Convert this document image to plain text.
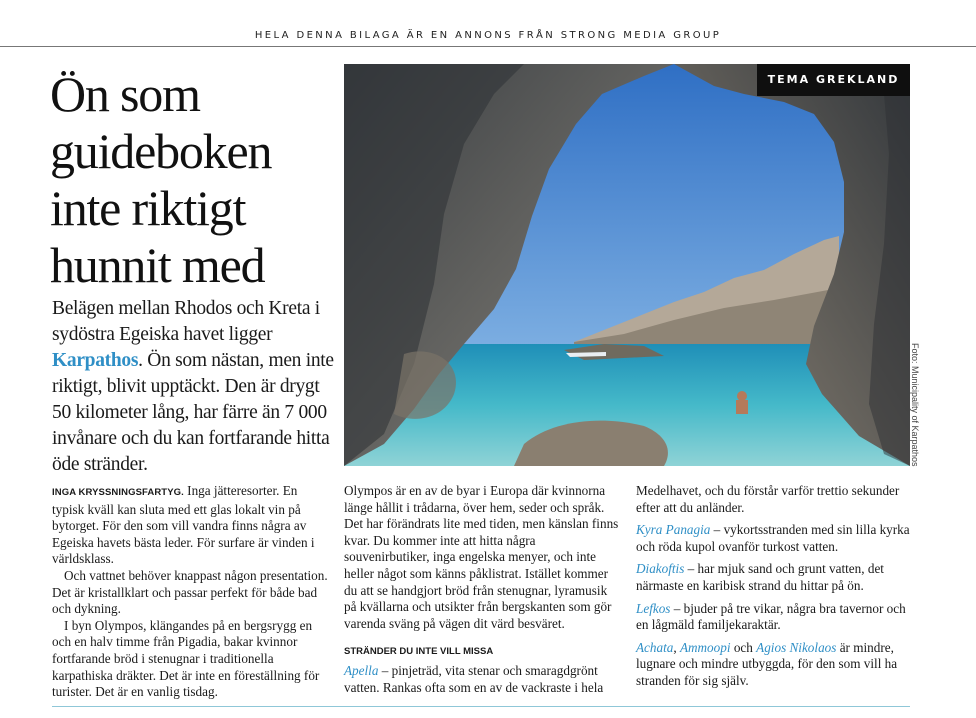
HELA DENNA BILAGA ÄR EN ANNONS FRÅN STRONG MEDIA GROUP
Ön som
guideboken
inte riktigt
hunnit med

Belägen mellan Rhodos och Kreta i sydöstra Egeiska havet ligger Karpathos. Ön som nästan, men inte riktigt, blivit upptäckt. Den är drygt 50 kilometer lång, har färre än 7 000 invånare och du kan fortfarande hitta öde stränder.

TEMA GREKLAND
Foto: Municipality of Karpathos

INGA KRYSSNINGSFARTYG. Inga jätteresorter. En typisk kväll kan sluta med ett glas lokalt vin på bytorget. För den som vill vandra finns några av Egeiska havets bästa leder. För surfare är vinden i världsklass.

Och vattnet behöver knappast någon presentation. Det är kristallklart och passar perfekt för både bad och dykning.

I byn Olympos, klängandes på en bergsrygg en och en halv timme från Pigadia, bakar kvinnor fortfarande bröd i stenugnar i traditionella karpathiska dräkter. Det är inte en föreställning för turister. Det är en vanlig tisdag.

Olympos är en av de byar i Europa där kvinnorna länge hållit i trådarna, över hem, seder och språk. Det har förändrats lite med tiden, men känslan finns kvar. Du kommer inte att hitta några souvenirbutiker, inga engelska menyer, och inte heller något som känns påklistrat. Istället kommer du att se handgjort bröd från stenugnar, lyramusik på kvällarna och utsikter från bergskanten som gör varenda sväng på vägen dit värd besväret.

STRÄNDER DU INTE VILL MISSA

Apella – pinjeträd, vita stenar och smaragdgrönt vatten. Rankas ofta som en av de vackraste i hela

Medelhavet, och du förstår varför trettio sekunder efter att du anländer.

Kyra Panagia – vykortsstranden med sin lilla kyrka och röda kupol ovanför turkost vatten.

Diakoftis – har mjuk sand och grunt vatten, det närmaste en karibisk strand du hittar på ön.

Lefkos – bjuder på tre vikar, några bra tavernor och en lågmäld familjekaraktär.

Achata, Ammoopi och Agios Nikolaos är mindre, lugnare och mindre utbyggda, för den som vill ha stranden för sig själv.
